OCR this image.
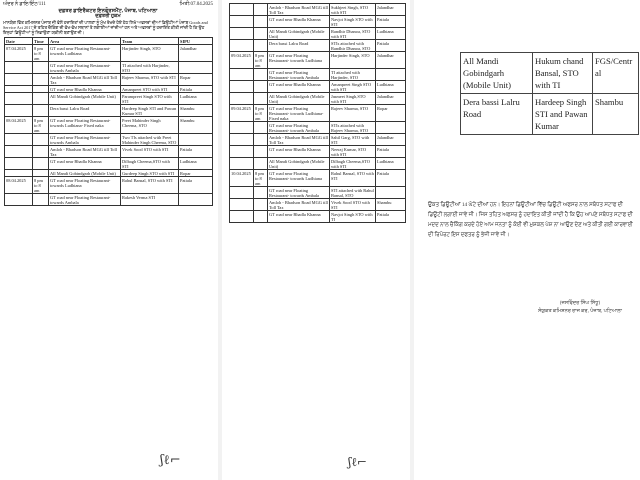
ਅੰਦਰ ਨੰ ਡਾਇ/ਇੰਟ/111	ਮਿਤੀ:07.04.2025
ਦਫ਼ਤਰ ਡਾਇਰੈਕਟਰ ਇਨਫੋਰਸਮੈਂਟ, ਪੰਜਾਬ, ਪਟਿਆਲਾ
ਦਫ਼ਤਰੀ ਹੁਕਮ
ਮਾਨਯੋਗ ਵਿੱਤ ਕਮਿਸ਼ਨਰ ਪੰਜਾਬ ਜੀ ਵੱਲੋਂ ਹਦਾਇਤਾਂ ਦੀ ਪਾਲਣਾ ਨੂੰ ਮੁੱਖ ਰੱਖਦੇ ਹੋਏ ਹੇਠ ਲਿਖੇ ਅਫਸਰਾਂ ਦੀਆਂ ਡਿਊਟੀਆਂ ਪੰਜਾਬ Goods and Service Act 2017 ਦੇ ਤਹਿਤ ਚੈਕਿੰਗ ਦੀ ਵੱਖ-ਵੱਖ ਸਥਾਨਾਂ ਤੇ ਲਗਾਈਆਂ ਜਾਂਦੀਆਂ ਹਨ ਅਤੇ ਅਫਸਰਾਂ ਨੂੰ ਹਦਾਇਤ ਕੀਤੀ ਜਾਂਦੀ ਹੈ ਕਿ ਉਹ ਇਨ੍ਹਾਂ ਡਿਊਟੀਆਂ ਨੂੰ ਨਿਭਾਉਣਾ ਯਕੀਨੀ ਬਣਾਉਣ ਜੀ।
Date	Time	Area	Team	SIPU
07.04.2025	8 pm to 8 am	GT road near Floating Restaurant- towards Ludhiana	Harjinder Singh, STO	Jalandhar
		GT road near Floating Restaurant- towards Ambala	TI attached with Harjinder, STO	
		Amloh - Bhadson Road MGG till Toll Tax	Rajeev Sharma, STO with STI	Ropar
		GT road near Bhadla Khanna	Amanpreet STO with STI	Patiala
		All Mandi Gobindgarh (Mobile Unit)	Parampreet Singh STO with STI	Ludhiana
		Dera bassi Lalru Road	Hardeep Singh STI and Pawan Kumar STI	Shambu
08.04.2025	8 pm to 8 am	GT road near Floating Restaurant- towards Ludhiana- Fixed naka	Preet Mahinder Singh Cheema, STO	Shambu
		GT road near Floating Restaurant- towards Ambala	Two TIs attached with Preet Mahinder Singh Cheema, STO	
		Amloh - Bhadson Road MGG till Toll Tax	Vivek Sood STO with STI	Patiala
		GT road near Bhadla Khanna	Dilbagh Cheema,STO with STI	Ludhiana
		All Mandi Gobindgarh (Mobile Unit)	Gurdeep Singh STO with STI	Ropar
08.04.2025	8 pm to 8 am	GT road near Floating Restaurant- towards Ludhiana	Rahul Bansal, STO with STI	Patiala
		GT road near Floating Restaurant- towards Ambala	Rakesh Verma STI	
ʃℓ⌐
		Amloh - Bhadson Road MGG till Toll Tax	Sukhjeet Singh, STO with STI	Jalandhar
		GT road near Bhadla Khanna	Navjot Singh STO with STI	Patiala
		All Mandi Gobindgarh (Mobile Unit)	Randhir Dhanoa, STO with STI	Ludhiana
		Dera bassi Lalru Road	STIs attached with Randhir Dhanoa, STO	Patiala
09.04.2025	8 pm to 8 am	GT road near Floating Restaurant- towards Ludhiana	Harjinder Singh, STO	Jalandhar
		GT road near Floating Restaurant- towards Ambala	TI attached with Harjinder, STO	
		GT road near Bhadla Khanna	Amanpreet Singh STO with STI	Ludhiana
		All Mandi Gobindgarh (Mobile Unit)	Jasmeet Singh,STO with STI	Jalandhar
09.04.2025	8 pm to 8 am	GT road near Floating Restaurant- towards Ludhiana- Fixed naka	Rajeev Sharma, STO	Ropar
		GT road near Floating Restaurant- towards Ambala	STIs attached with Rajeev Sharma, STO	
		Amloh - Bhadson Road MGG till Toll Tax	Sahil Garg, STO with STI	Jalandhar
		GT road near Bhadla Khanna	Neeraj Kumar, STO with STI	Patiala
		All Mandi Gobindgarh (Mobile Unit)	Dilbagh Cheema,STO with STI	Ludhiana
10.04.2025	8 pm to 8 am	GT road near Floating Restaurant- towards Ludhiana	Rahul Bansal, STO with STI	Patiala
		GT road near Floating Restaurant- towards Ambala	STI attached with Rahul Bansal, STO	
		Amloh - Bhadson Road MGG till Toll Tax	Vivek Sood STO with STI	Shambu
		GT road near Bhadla Khanna	Navjot Singh STO with TI	Patiala
ʃℓ⌐
All Mandi Gobindgarh (Mobile Unit)	Hukum chand Bansal, STO with TI	FGS/Central
Dera bassi Lalru Road	Hardeep Singh STI and Pawan Kumar	Shambu
ਉਕਤ ਡਿਊਟੀਆਂ 14 ਘੰਟੇ ਦੀਆਂ ਹਨ। ਇਹਨਾਂ ਡਿਊਟੀਆਂ ਵਿੱਚ ਡਿਊਟੀ ਅਫਸਰ ਨਾਲ ਸਬੰਧਤ ਸਟਾਫ ਦੀ ਡਿਊਟੀ ਲਗਾਈ ਜਾਵੇ ਜੀ। ਜਿਸ ਤਹਿਤ ਅਫਸਰ ਨੂੰ ਹਦਾਇਤ ਕੀਤੀ ਜਾਂਦੀ ਹੈ ਕਿ ਉਹ ਆਪਣੇ ਸਬੰਧਤ ਸਟਾਫ ਦੀ ਮਦਦ ਨਾਲ ਚੈਕਿੰਗ ਕਰਦੇ ਹੋਏ ਆਮ ਜਨਤਾ ਨੂੰ ਕੋਈ ਵੀ ਮੁਸ਼ਕਲ ਪੇਸ਼ ਨਾ ਆਉਣ ਦੇਣ ਅਤੇ ਕੀਤੀ ਗਈ ਕਾਰਵਾਈ ਦੀ ਰਿਪੋਰਟ ਇਸ ਦਫਤਰ ਨੂੰ ਭੇਜੀ ਜਾਵੇ ਜੀ।
(ਜਸਵਿੰਦਰ ਸਿੰਘ ਸਿੱਧੂ)
ਸੰਯੁਕਤ ਕਮਿਸ਼ਨਰ ਰਾਜ ਕਰ, ਪੰਜਾਬ, ਪਟਿਆਲਾ
